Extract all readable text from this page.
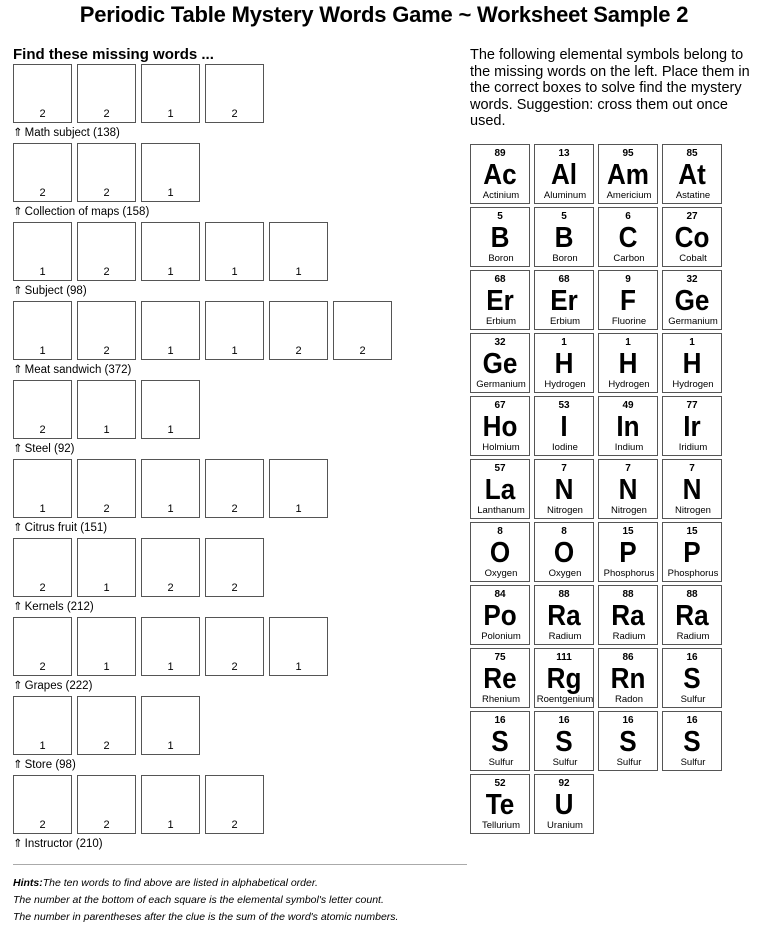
Periodic Table Mystery Words Game ~ Worksheet Sample 2
Find these missing words ...
2	2	1	2
⇑ Math subject (138)
2	2	1
⇑ Collection of maps (158)
1	2	1	1	1
⇑ Subject (98)
1	2	1	1	2	2
⇑ Meat sandwich (372)
2	1	1
⇑ Steel (92)
1	2	1	2	1
⇑ Citrus fruit (151)
2	1	2	2
⇑ Kernels (212)
2	1	1	2	1
⇑ Grapes (222)
1	2	1
⇑ Store (98)
2	2	1	2
⇑ Instructor (210)
The following elemental symbols belong to the missing words on the left. Place them in the correct boxes to solve find the mystery words. Suggestion: cross them out once used.
89
Ac
Actinium
13
Al
Aluminum
95
Am
Americium
85
At
Astatine
5
B
Boron
5
B
Boron
6
C
Carbon
27
Co
Cobalt
68
Er
Erbium
68
Er
Erbium
9
F
Fluorine
32
Ge
Germanium
32
Ge
Germanium
1
H
Hydrogen
1
H
Hydrogen
1
H
Hydrogen
67
Ho
Holmium
53
I
Iodine
49
In
Indium
77
Ir
Iridium
57
La
Lanthanum
7
N
Nitrogen
7
N
Nitrogen
7
N
Nitrogen
8
O
Oxygen
8
O
Oxygen
15
P
Phosphorus
15
P
Phosphorus
84
Po
Polonium
88
Ra
Radium
88
Ra
Radium
88
Ra
Radium
75
Re
Rhenium
111
Rg
Roentgenium
86
Rn
Radon
16
S
Sulfur
16
S
Sulfur
16
S
Sulfur
16
S
Sulfur
16
S
Sulfur
52
Te
Tellurium
92
U
Uranium
Hints:The ten words to find above are listed in alphabetical order.
The number at the bottom of each square is the elemental symbol's letter count.
The number in parentheses after the clue is the sum of the word's atomic numbers.
